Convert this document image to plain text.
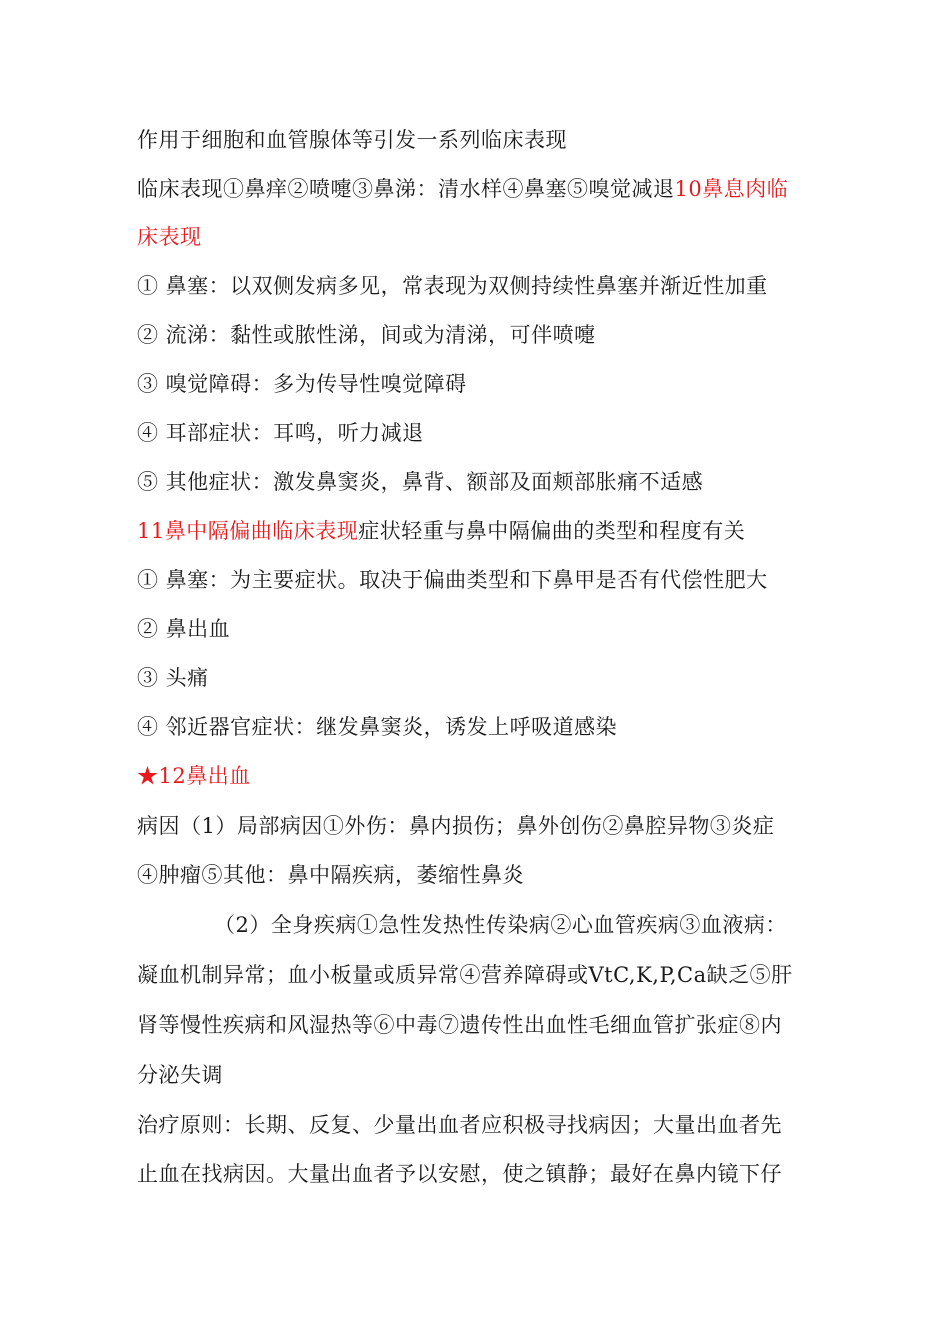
作用于细胞和血管腺体等引发一系列临床表现
临床表现①鼻痒②喷嚏③鼻涕：清水样④鼻塞⑤嗅觉减退10鼻息肉临
床表现
① 鼻塞：以双侧发病多见，常表现为双侧持续性鼻塞并渐近性加重
② 流涕：黏性或脓性涕，间或为清涕，可伴喷嚏
③ 嗅觉障碍：多为传导性嗅觉障碍
④ 耳部症状：耳鸣，听力减退
⑤ 其他症状：激发鼻窦炎，鼻背、额部及面颊部胀痛不适感
11鼻中隔偏曲临床表现症状轻重与鼻中隔偏曲的类型和程度有关
① 鼻塞：为主要症状。取决于偏曲类型和下鼻甲是否有代偿性肥大
② 鼻出血
③ 头痛
④ 邻近器官症状：继发鼻窦炎，诱发上呼吸道感染
★12鼻出血
病因（1）局部病因①外伤：鼻内损伤；鼻外创伤②鼻腔异物③炎症
④肿瘤⑤其他：鼻中隔疾病，萎缩性鼻炎
（2）全身疾病①急性发热性传染病②心血管疾病③血液病：
凝血机制异常；血小板量或质异常④营养障碍或VtC,K,P,Ca缺乏⑤肝
肾等慢性疾病和风湿热等⑥中毒⑦遗传性出血性毛细血管扩张症⑧内
分泌失调
治疗原则：长期、反复、少量出血者应积极寻找病因；大量出血者先
止血在找病因。大量出血者予以安慰，使之镇静；最好在鼻内镜下仔
